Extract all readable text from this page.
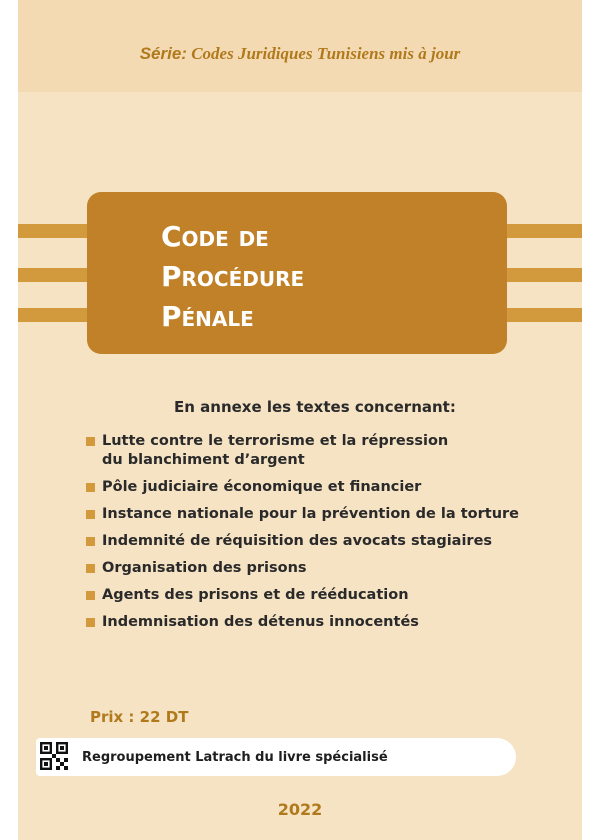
Série: Codes Juridiques Tunisiens mis à jour
Code de
Procédure
Pénale
En annexe les textes concernant:
Lutte contre le terrorisme et la répression
du blanchiment d’argent
Pôle judiciaire économique et financier
Instance nationale pour la prévention de la torture
Indemnité de réquisition des avocats stagiaires
Organisation des prisons
Agents des prisons et de rééducation
Indemnisation des détenus innocentés
Prix : 22 DT
Regroupement Latrach du livre spécialisé
2022
